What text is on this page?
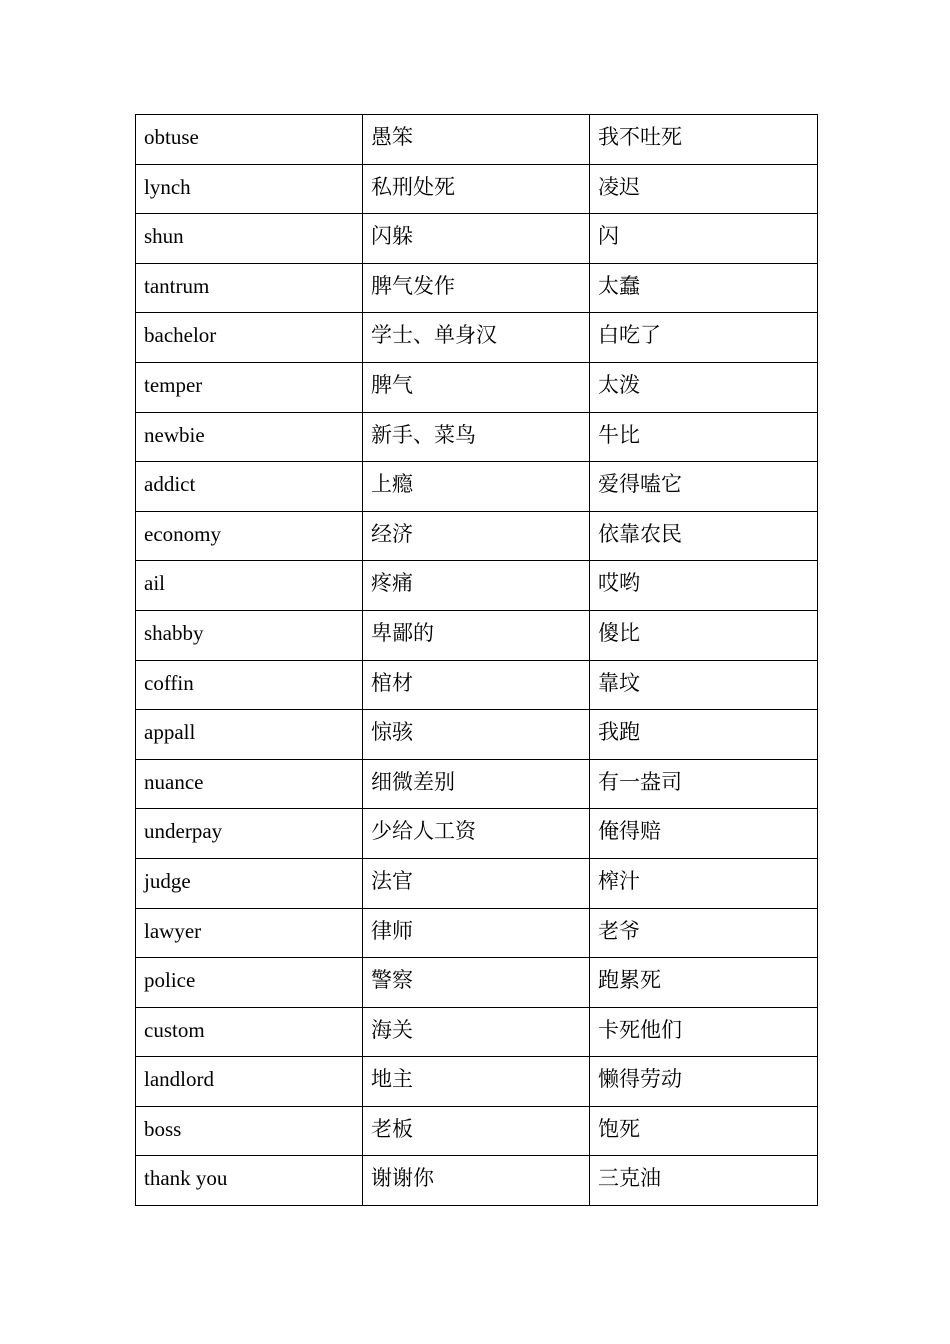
obtuse	愚笨	我不吐死

lynch	私刑处死	凌迟

shun	闪躲	闪

tantrum	脾气发作	太蠢

bachelor	学士、单身汉	白吃了

temper	脾气	太泼

newbie	新手、菜鸟	牛比

addict	上瘾	爱得嗑它

economy	经济	依靠农民

ail	疼痛	哎哟

shabby	卑鄙的	傻比

coffin	棺材	靠坟

appall	惊骇	我跑

nuance	细微差别	有一盎司

underpay	少给人工资	俺得赔

judge	法官	榨汁

lawyer	律师	老爷

police	警察	跑累死

custom	海关	卡死他们

landlord	地主	懒得劳动

boss	老板	饱死

thank you	谢谢你	三克油
